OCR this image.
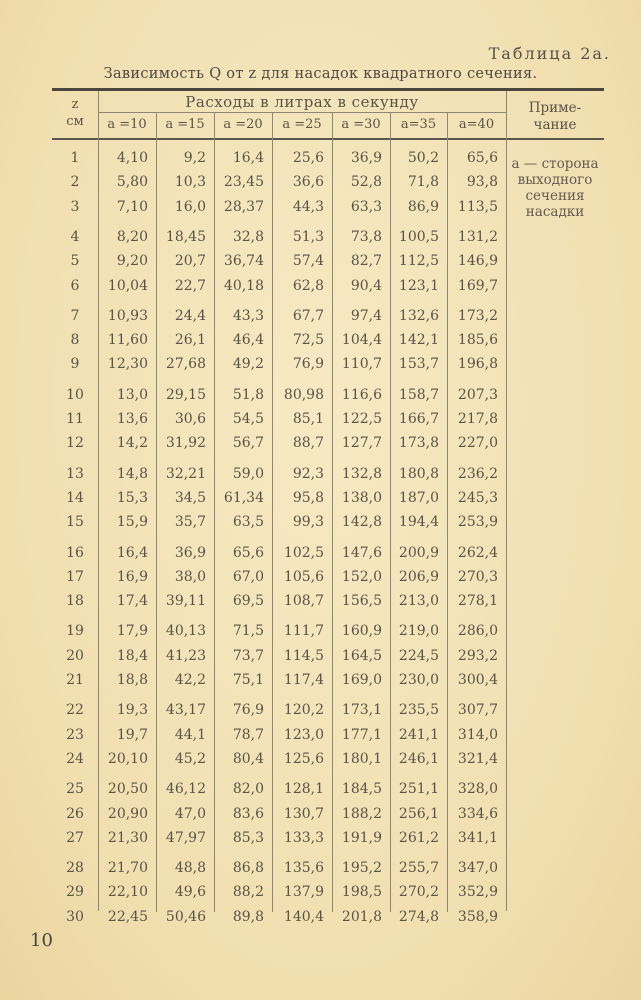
Таблица 2а.
Зависимость Q от z для насадок квадратного сечения.
z
см
Расходы в литрах в секунду	Приме-
чание
а =10	а =15	а =20	а =25	а =30	а=35	а=40
1	4,10	9,2	16,4	25,6	36,9	50,2	65,6
2	5,80	10,3	23,45	36,6	52,8	71,8	93,8
3	7,10	16,0	28,37	44,3	63,3	86,9	113,5
4	8,20	18,45	32,8	51,3	73,8	100,5	131,2
5	9,20	20,7	36,74	57,4	82,7	112,5	146,9
6	10,04	22,7	40,18	62,8	90,4	123,1	169,7
7	10,93	24,4	43,3	67,7	97,4	132,6	173,2
8	11,60	26,1	46,4	72,5	104,4	142,1	185,6
9	12,30	27,68	49,2	76,9	110,7	153,7	196,8
10	13,0	29,15	51,8	80,98	116,6	158,7	207,3
11	13,6	30,6	54,5	85,1	122,5	166,7	217,8
12	14,2	31,92	56,7	88,7	127,7	173,8	227,0
13	14,8	32,21	59,0	92,3	132,8	180,8	236,2
14	15,3	34,5	61,34	95,8	138,0	187,0	245,3
15	15,9	35,7	63,5	99,3	142,8	194,4	253,9
16	16,4	36,9	65,6	102,5	147,6	200,9	262,4
17	16,9	38,0	67,0	105,6	152,0	206,9	270,3
18	17,4	39,11	69,5	108,7	156,5	213,0	278,1
19	17,9	40,13	71,5	111,7	160,9	219,0	286,0
20	18,4	41,23	73,7	114,5	164,5	224,5	293,2
21	18,8	42,2	75,1	117,4	169,0	230,0	300,4
22	19,3	43,17	76,9	120,2	173,1	235,5	307,7
23	19,7	44,1	78,7	123,0	177,1	241,1	314,0
24	20,10	45,2	80,4	125,6	180,1	246,1	321,4
25	20,50	46,12	82,0	128,1	184,5	251,1	328,0
26	20,90	47,0	83,6	130,7	188,2	256,1	334,6
27	21,30	47,97	85,3	133,3	191,9	261,2	341,1
28	21,70	48,8	86,8	135,6	195,2	255,7	347,0
29	22,10	49,6	88,2	137,9	198,5	270,2	352,9
30	22,45	50,46	89,8	140,4	201,8	274,8	358,9
а — сторона
выходного
сечения
насадки
10
